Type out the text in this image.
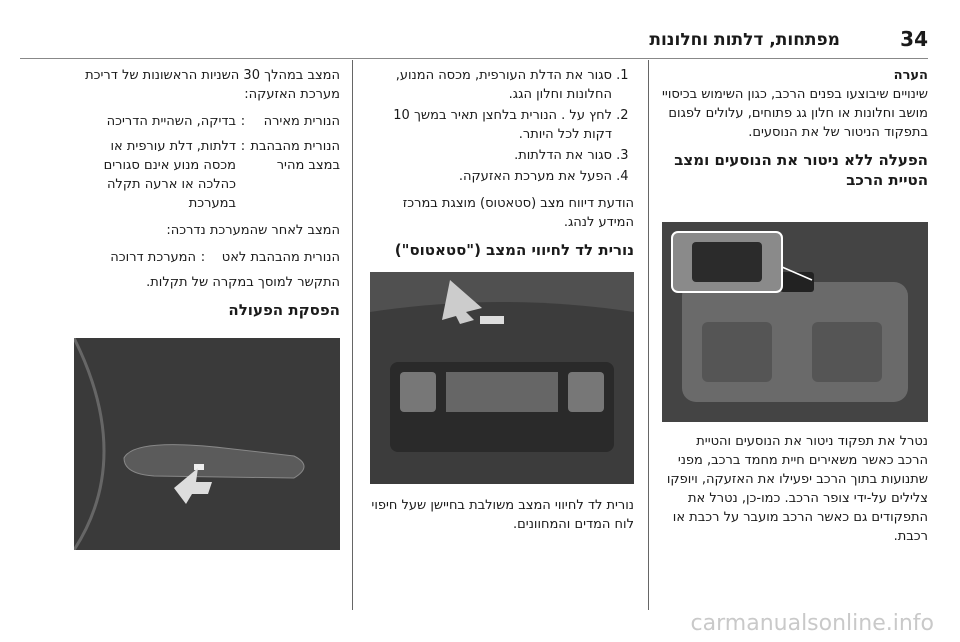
34
מפתחות, דלתות וחלונות
הערה

שינויים שיבוצעו בפנים הרכב, כגון השימוש בכיסויי מושב וחלונות או חלון גג פתוחים, עלולים לפגום בתפקוד הניטור של את הנוסעים.

הפעלה ללא ניטור את הנוסעים ומצב הטיית הרכב

נטרל את תפקוד ניטור את הנוסעים והטיית הרכב כאשר משאירים חיית מחמד ברכב, מפני שתנועות בתוך הרכב יפעילו את האזעקה, ויופקו צלילים על-ידי צופר הרכב. כמו-כן, נטרל את התפקודים גם כאשר הרכב מועבר על רכבת או רכבת.

1. סגור את הדלת העורפית, מכסה המנוע, החלונות וחלון הגג.
2. לחץ על . הנורית בלחצן תאיר במשך 10 דקות לכל היותר.
3. סגור את הדלתות.
4. הפעל את מערכת האזעקה.

הודעת דיווח מצב (סטאטוס) מוצגת במרכז המידע לנהג.

נורית לד לחיווי המצב ("סטאטוס")

נורית לד לחיווי המצב משולבת בחיישן שעל חיפוי לוח המדים והמחוונים.

המצב במהלך 30 השניות הראשונות של דריכת מערכת האזעקה:

הנורית מאירה
:
בדיקה, השהיית הדריכה
הנורית מהבהבת במצב מהיר
:
דלתות, דלת עורפית או מכסה מנוע אינם סגורים כהלכה או ארעה תקלה במערכת

המצב לאחר שהמערכת נדרכה:

הנורית מהבהבת לאט
:
המערכת דרוכה

התקשר למוסך במקרה של תקלות.

הפסקת הפעולה
carmanualsonline.info
